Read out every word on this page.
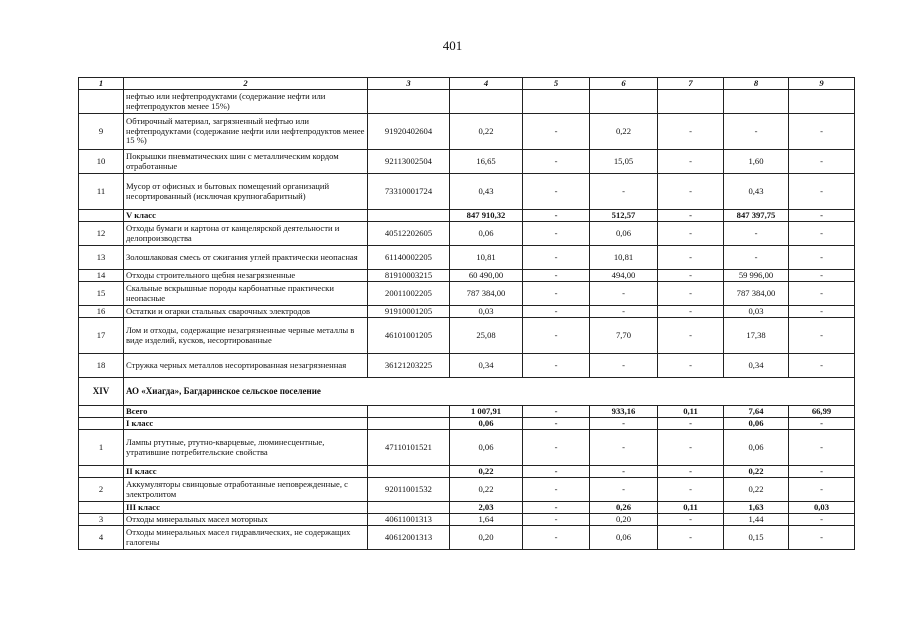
401
1	2	3	4	5	6	7	8	9
	нефтью или нефтепродуктами (содержание нефти или нефтепродуктов менее 15%)							
9	Обтирочный материал, загрязненный нефтью или нефтепродуктами (содержание нефти или нефтепродуктов менее 15 %)	91920402604	0,22	-	0,22	-	-	-
10	Покрышки пневматических шин с металлическим кордом отработанные	92113002504	16,65	-	15,05	-	1,60	-
11	Мусор от офисных и бытовых помещений организаций несортированный (исключая крупногабаритный)	73310001724	0,43	-	-	-	0,43	-
	V класс		847 910,32	-	512,57	-	847 397,75	-
12	Отходы бумаги и картона от канцелярской деятельности и делопроизводства	40512202605	0,06	-	0,06	-	-	-
13	Золошлаковая смесь от сжигания углей практически неопасная	61140002205	10,81	-	10,81	-	-	-
14	Отходы строительного щебня незагрязненные	81910003215	60 490,00	-	494,00	-	59 996,00	-
15	Скальные вскрышные породы карбонатные практически неопасные	20011002205	787 384,00	-	-	-	787 384,00	-
16	Остатки и огарки стальных сварочных электродов	91910001205	0,03	-	-	-	0,03	-
17	Лом и отходы, содержащие незагрязненные черные металлы в виде изделий, кусков, несортированные	46101001205	25,08	-	7,70	-	17,38	-
18	Стружка черных металлов несортированная незагрязненная	36121203225	0,34	-	-	-	0,34	-
XIV	АО «Хиагда», Багдаринское сельское поселение							
	Всего		1 007,91	-	933,16	0,11	7,64	66,99
	I класс		0,06	-	-	-	0,06	-
1	Лампы ртутные, ртутно-кварцевые, люминесцентные, утратившие потребительские свойства	47110101521	0,06	-	-	-	0,06	-
	II класс		0,22	-	-	-	0,22	-
2	Аккумуляторы свинцовые отработанные неповрежденные, с электролитом	92011001532	0,22	-	-	-	0,22	-
	III класс		2,03	-	0,26	0,11	1,63	0,03
3	Отходы минеральных масел моторных	40611001313	1,64	-	0,20	-	1,44	-
4	Отходы минеральных масел гидравлических, не содержащих галогены	40612001313	0,20	-	0,06	-	0,15	-
